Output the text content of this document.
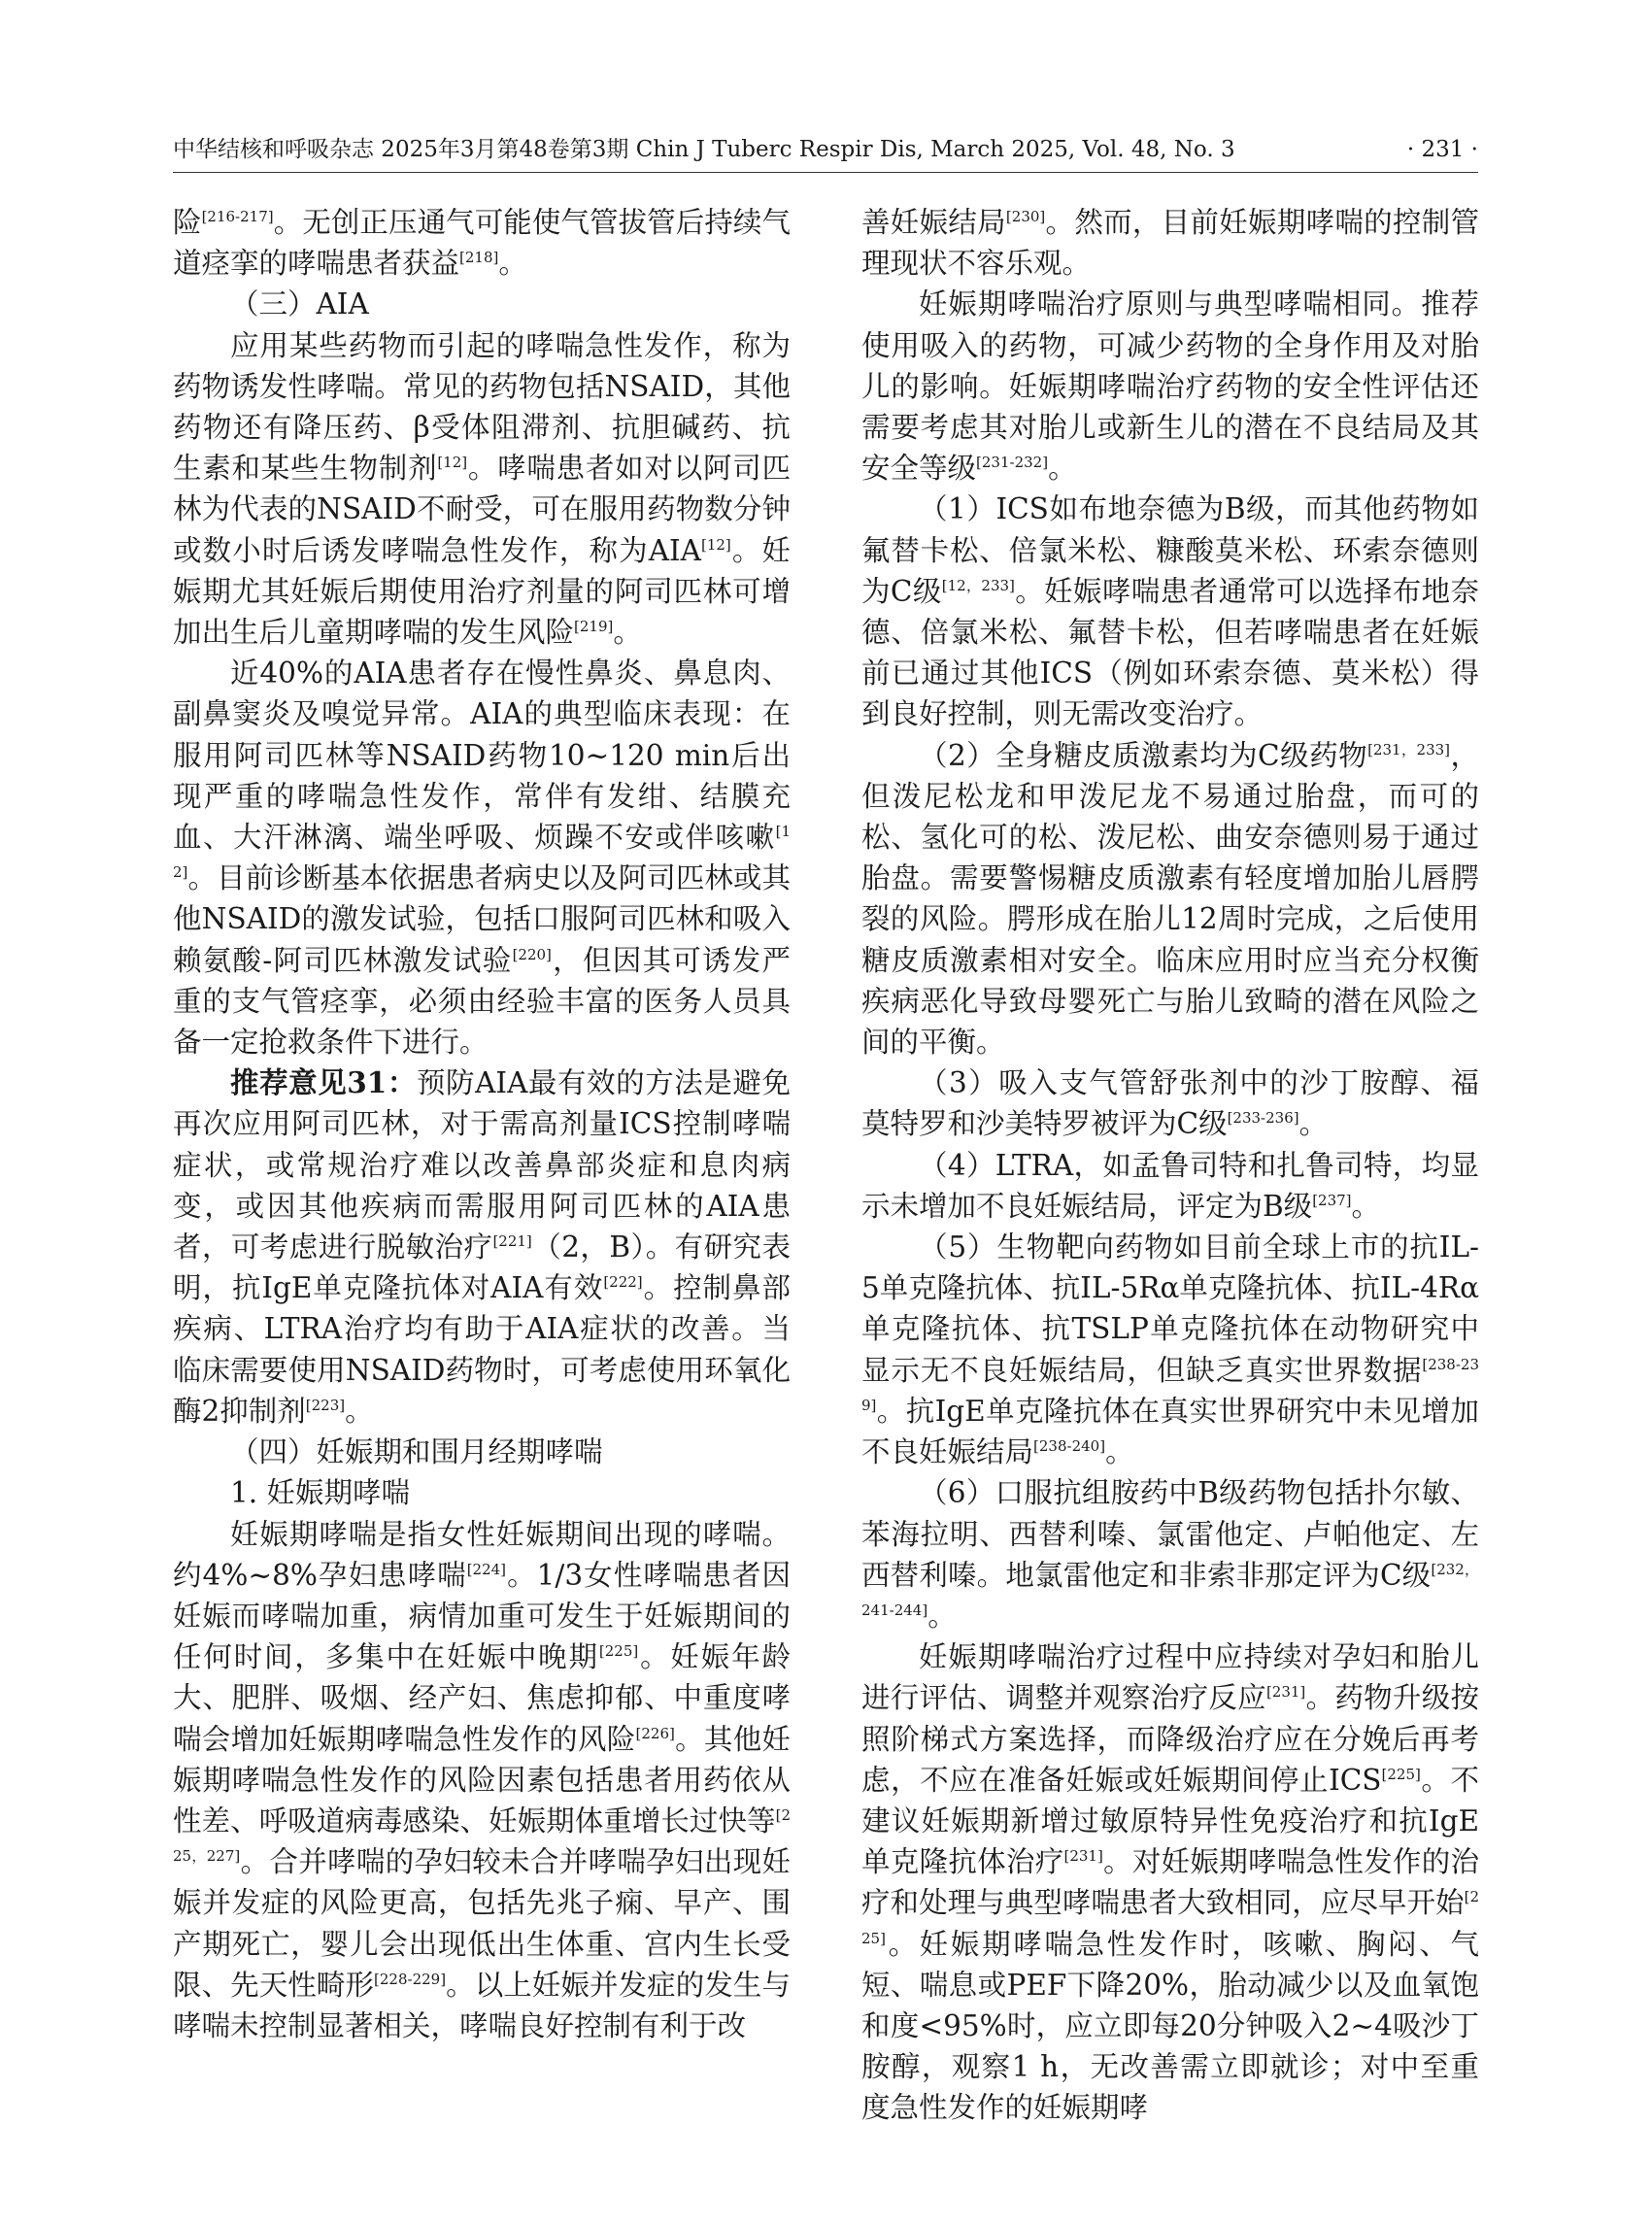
中华结核和呼吸杂志 2025年3月第48卷第3期 Chin J Tuberc Respir Dis, March 2025, Vol. 48, No. 3	· 231 ·

险[216-217]。无创正压通气可能使气管拔管后持续气道痉挛的哮喘患者获益[218]。

（三）AIA

应用某些药物而引起的哮喘急性发作，称为药物诱发性哮喘。常见的药物包括NSAID，其他药物还有降压药、β受体阻滞剂、抗胆碱药、抗生素和某些生物制剂[12]。哮喘患者如对以阿司匹林为代表的NSAID不耐受，可在服用药物数分钟或数小时后诱发哮喘急性发作，称为AIA[12]。妊娠期尤其妊娠后期使用治疗剂量的阿司匹林可增加出生后儿童期哮喘的发生风险[219]。

近40%的AIA患者存在慢性鼻炎、鼻息肉、副鼻窦炎及嗅觉异常。AIA的典型临床表现：在服用阿司匹林等NSAID药物10~120 min后出现严重的哮喘急性发作，常伴有发绀、结膜充血、大汗淋漓、端坐呼吸、烦躁不安或伴咳嗽[12]。目前诊断基本依据患者病史以及阿司匹林或其他NSAID的激发试验，包括口服阿司匹林和吸入赖氨酸-阿司匹林激发试验[220]，但因其可诱发严重的支气管痉挛，必须由经验丰富的医务人员具备一定抢救条件下进行。

推荐意见31：预防AIA最有效的方法是避免再次应用阿司匹林，对于需高剂量ICS控制哮喘症状，或常规治疗难以改善鼻部炎症和息肉病变，或因其他疾病而需服用阿司匹林的AIA患者，可考虑进行脱敏治疗[221]（2，B）。有研究表明，抗IgE单克隆抗体对AIA有效[222]。控制鼻部疾病、LTRA治疗均有助于AIA症状的改善。当临床需要使用NSAID药物时，可考虑使用环氧化酶2抑制剂[223]。

（四）妊娠期和围月经期哮喘

1. 妊娠期哮喘

妊娠期哮喘是指女性妊娠期间出现的哮喘。约4%~8%孕妇患哮喘[224]。1/3女性哮喘患者因妊娠而哮喘加重，病情加重可发生于妊娠期间的任何时间，多集中在妊娠中晚期[225]。妊娠年龄大、肥胖、吸烟、经产妇、焦虑抑郁、中重度哮喘会增加妊娠期哮喘急性发作的风险[226]。其他妊娠期哮喘急性发作的风险因素包括患者用药依从性差、呼吸道病毒感染、妊娠期体重增长过快等[225，227]。合并哮喘的孕妇较未合并哮喘孕妇出现妊娠并发症的风险更高，包括先兆子痫、早产、围产期死亡，婴儿会出现低出生体重、宫内生长受限、先天性畸形[228-229]。以上妊娠并发症的发生与哮喘未控制显著相关，哮喘良好控制有利于改

善妊娠结局[230]。然而，目前妊娠期哮喘的控制管理现状不容乐观。

妊娠期哮喘治疗原则与典型哮喘相同。推荐使用吸入的药物，可减少药物的全身作用及对胎儿的影响。妊娠期哮喘治疗药物的安全性评估还需要考虑其对胎儿或新生儿的潜在不良结局及其安全等级[231-232]。

（1）ICS如布地奈德为B级，而其他药物如氟替卡松、倍氯米松、糠酸莫米松、环索奈德则为C级[12，233]。妊娠哮喘患者通常可以选择布地奈德、倍氯米松、氟替卡松，但若哮喘患者在妊娠前已通过其他ICS（例如环索奈德、莫米松）得到良好控制，则无需改变治疗。

（2）全身糖皮质激素均为C级药物[231，233]，但泼尼松龙和甲泼尼龙不易通过胎盘，而可的松、氢化可的松、泼尼松、曲安奈德则易于通过胎盘。需要警惕糖皮质激素有轻度增加胎儿唇腭裂的风险。腭形成在胎儿12周时完成，之后使用糖皮质激素相对安全。临床应用时应当充分权衡疾病恶化导致母婴死亡与胎儿致畸的潜在风险之间的平衡。

（3）吸入支气管舒张剂中的沙丁胺醇、福莫特罗和沙美特罗被评为C级[233-236]。

（4）LTRA，如孟鲁司特和扎鲁司特，均显示未增加不良妊娠结局，评定为B级[237]。

（5）生物靶向药物如目前全球上市的抗IL-5单克隆抗体、抗IL-5Rα单克隆抗体、抗IL-4Rα单克隆抗体、抗TSLP单克隆抗体在动物研究中显示无不良妊娠结局，但缺乏真实世界数据[238-239]。抗IgE单克隆抗体在真实世界研究中未见增加不良妊娠结局[238-240]。

（6）口服抗组胺药中B级药物包括扑尔敏、苯海拉明、西替利嗪、氯雷他定、卢帕他定、左西替利嗪。地氯雷他定和非索非那定评为C级[232，241-244]。

妊娠期哮喘治疗过程中应持续对孕妇和胎儿进行评估、调整并观察治疗反应[231]。药物升级按照阶梯式方案选择，而降级治疗应在分娩后再考虑，不应在准备妊娠或妊娠期间停止ICS[225]。不建议妊娠期新增过敏原特异性免疫治疗和抗IgE单克隆抗体治疗[231]。对妊娠期哮喘急性发作的治疗和处理与典型哮喘患者大致相同，应尽早开始[225]。妊娠期哮喘急性发作时，咳嗽、胸闷、气短、喘息或PEF下降20%，胎动减少以及血氧饱和度<95%时，应立即每20分钟吸入2~4吸沙丁胺醇，观察1 h，无改善需立即就诊；对中至重度急性发作的妊娠期哮
